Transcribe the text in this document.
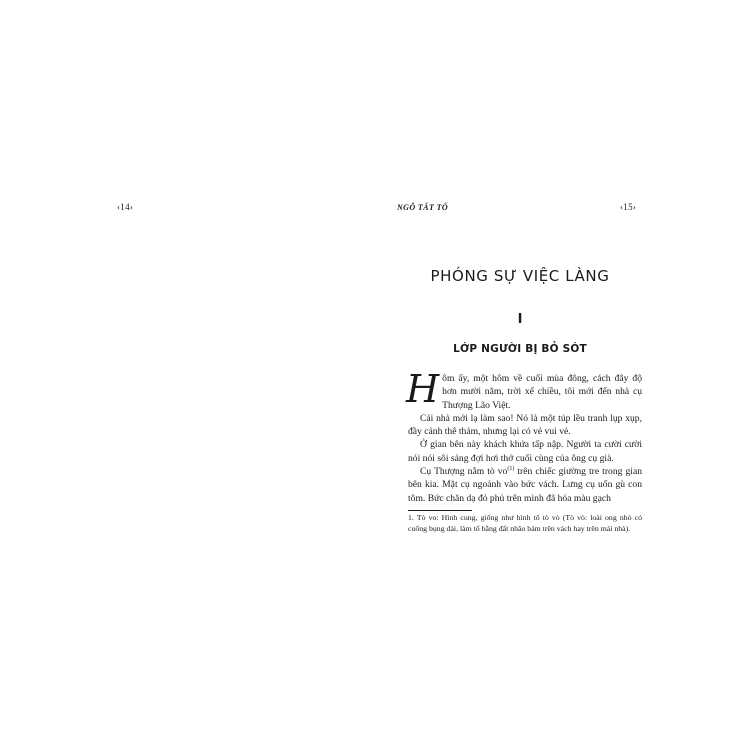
‹14›	NGÔ TẤT TỐ	‹15›
PHÓNG SỰ VIỆC LÀNG
I
LỚP NGƯỜI BỊ BỎ SÓT

Hôm ấy, một hôm về cuối mùa đông, cách đây độ hơn mười năm, trời xế chiều, tôi mới đến nhà cụ Thượng Lão Việt.

Cái nhà mới lạ làm sao! Nó là một túp lều tranh lụp xụp, đầy cảnh thê thảm, nhưng lại có vẻ vui vẻ.

Ở gian bên này khách khứa tấp nập. Người ta cười cười nói nói sôi sảng đợi hơi thở cuối cùng của ông cụ già.

Cụ Thượng nằm tò $vo^{(1)}$ trên chiếc giường tre trong gian bên kia. Mặt cụ ngoảnh vào bức vách. Lưng cụ uốn gù con tôm. Bức chăn dạ đỏ phủ trên mình đã hóa màu gạch

1. Tò vo: Hình cung, giống như hình tổ tò vò (Tò vò: loài ong nhỏ có cuống bụng dài, làm tổ bằng đất nhão bám trên vách hay trên mái nhà).
